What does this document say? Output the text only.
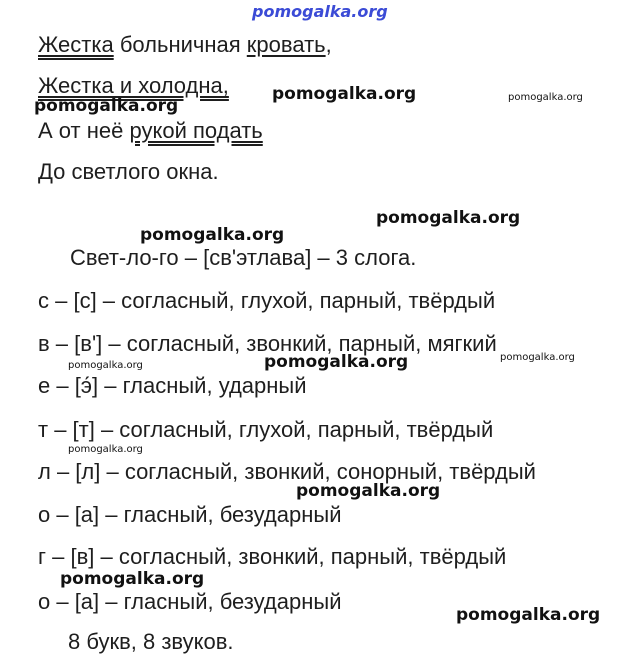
pomogalka.org
Жестка больничная кровать,
Жестка и холодна,
А от неё рукой подать
До светлого окна.
Свет-ло-го – [св'этлава] – 3 слога.
с – [с] – согласный, глухой, парный, твёрдый
в – [в'] – согласный, звонкий, парный, мягкий
е – [э́] – гласный, ударный
т – [т] – согласный, глухой, парный, твёрдый
л – [л] – согласный, звонкий, сонорный, твёрдый
о – [а] – гласный, безударный
г – [в] – согласный, звонкий, парный, твёрдый
о – [а] – гласный, безударный
8 букв, 8 звуков.
pomogalka.org
pomogalka.org	pomogalka.org
pomogalka.org
pomogalka.org
pomogalka.org	pomogalka.org
pomogalka.org
pomogalka.org
pomogalka.org
pomogalka.org
pomogalka.org
